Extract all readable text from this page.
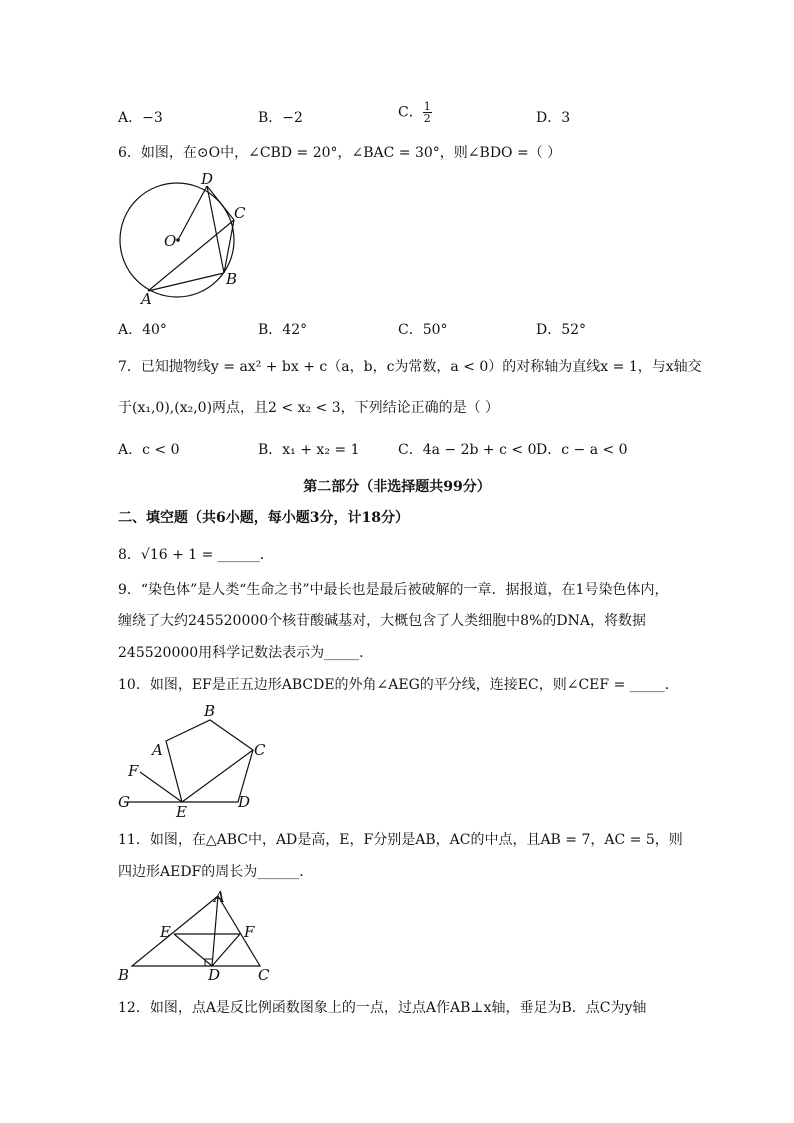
A．−3	B．−2	C． $\frac{1}{2}$	D．3
6．如图，在⊙O中，∠CBD = 20°，∠BAC = 30°，则∠BDO =（ ）
D
C
O
B
A
A．40°	B．42°	C．50°	D．52°
7．已知抛物线y = ax² + bx + c（a，b，c为常数，a < 0）的对称轴为直线x = 1，与x轴交
于(x₁,0),(x₂,0)两点，且2 < x₂ < 3，下列结论正确的是（ ）
A．c < 0	B．x₁ + x₂ = 1	C．4a − 2b + c < 0 D．c − a < 0
第二部分（非选择题共99分）
二、填空题（共6小题，每小题3分，计18分）
8．√16 + 1 = ______．
9．“染色体”是人类“生命之书”中最长也是最后被破解的一章．据报道，在1号染色体内，
缠绕了大约245520000个核苷酸碱基对，大概包含了人类细胞中8%的DNA，将数据
245520000用科学记数法表示为_____．
10．如图，EF是正五边形ABCDE的外角∠AEG的平分线，连接EC，则∠CEF = _____．
B
A	C
F
G
E
D
11．如图，在△ABC中，AD是高，E，F分别是AB，AC的中点，且AB = 7，AC = 5，则
四边形AEDF的周长为______．
A
E	F
B	D	C
12．如图，点A是反比例函数图象上的一点，过点A作AB⊥x轴，垂足为B．点C为y轴
